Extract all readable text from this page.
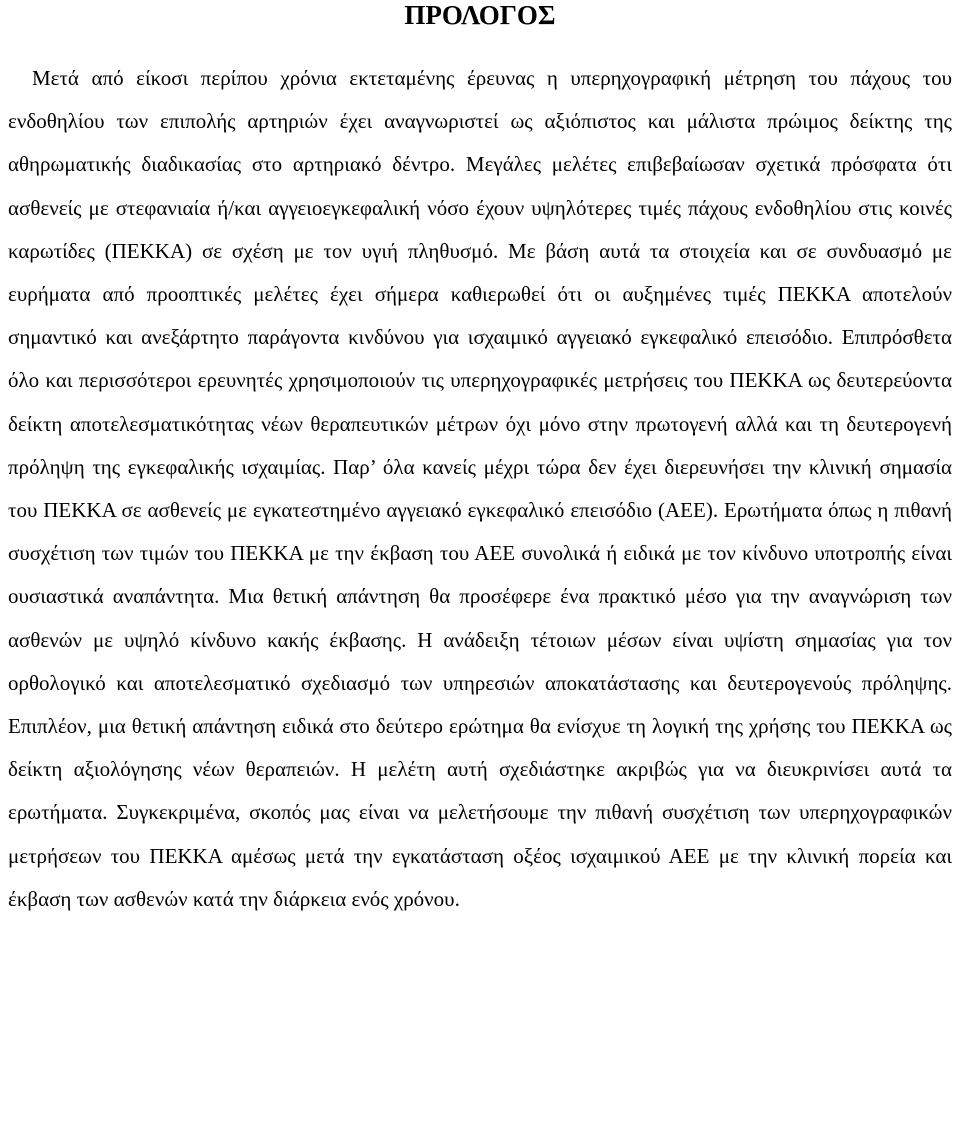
ΠΡΟΛΟΓΟΣ

Μετά από είκοσι περίπου χρόνια εκτεταμένης έρευνας η υπερηχογραφική μέτρηση του πάχους του ενδοθηλίου των επιπολής αρτηριών έχει αναγνωριστεί ως αξιόπιστος και μάλιστα πρώιμος δείκτης της αθηρωματικής διαδικασίας στο αρτηριακό δέντρο. Μεγάλες μελέτες επιβεβαίωσαν σχετικά πρόσφατα ότι ασθενείς με στεφανιαία ή/και αγγειοεγκεφαλική νόσο έχουν υψηλότερες τιμές πάχους ενδοθηλίου στις κοινές καρωτίδες (ΠΕΚΚΑ) σε σχέση με τον υγιή πληθυσμό. Με βάση αυτά τα στοιχεία και σε συνδυασμό με ευρήματα από προοπτικές μελέτες έχει σήμερα καθιερωθεί ότι οι αυξημένες τιμές ΠΕΚΚΑ αποτελούν σημαντικό και ανεξάρτητο παράγοντα κινδύνου για ισχαιμικό αγγειακό εγκεφαλικό επεισόδιο. Επιπρόσθετα όλο και περισσότεροι ερευνητές χρησιμοποιούν τις υπερηχογραφικές μετρήσεις του ΠΕΚΚΑ ως δευτερεύοντα δείκτη αποτελεσματικότητας νέων θεραπευτικών μέτρων όχι μόνο στην πρωτογενή αλλά και τη δευτερογενή πρόληψη της εγκεφαλικής ισχαιμίας. Παρ’ όλα κανείς μέχρι τώρα δεν έχει διερευνήσει την κλινική σημασία του ΠΕΚΚΑ σε ασθενείς με εγκατεστημένο αγγειακό εγκεφαλικό επεισόδιο (ΑΕΕ). Ερωτήματα όπως η πιθανή συσχέτιση των τιμών του ΠΕΚΚΑ με την έκβαση του ΑΕΕ συνολικά ή ειδικά με τον κίνδυνο υποτροπής είναι ουσιαστικά αναπάντητα. Μια θετική απάντηση θα προσέφερε ένα πρακτικό μέσο για την αναγνώριση των ασθενών με υψηλό κίνδυνο κακής έκβασης. Η ανάδειξη τέτοιων μέσων είναι υψίστη σημασίας για τον ορθολογικό και αποτελεσματικό σχεδιασμό των υπηρεσιών αποκατάστασης και δευτερογενούς πρόληψης. Επιπλέον, μια θετική απάντηση ειδικά στο δεύτερο ερώτημα θα ενίσχυε τη λογική της χρήσης του ΠΕΚΚΑ ως δείκτη αξιολόγησης νέων θεραπειών. Η μελέτη αυτή σχεδιάστηκε ακριβώς για να διευκρινίσει αυτά τα ερωτήματα. Συγκεκριμένα, σκοπός μας είναι να μελετήσουμε την πιθανή συσχέτιση των υπερηχογραφικών μετρήσεων του ΠΕΚΚΑ αμέσως μετά την εγκατάσταση οξέος ισχαιμικού ΑΕΕ με την κλινική πορεία και έκβαση των ασθενών κατά την διάρκεια ενός χρόνου.
